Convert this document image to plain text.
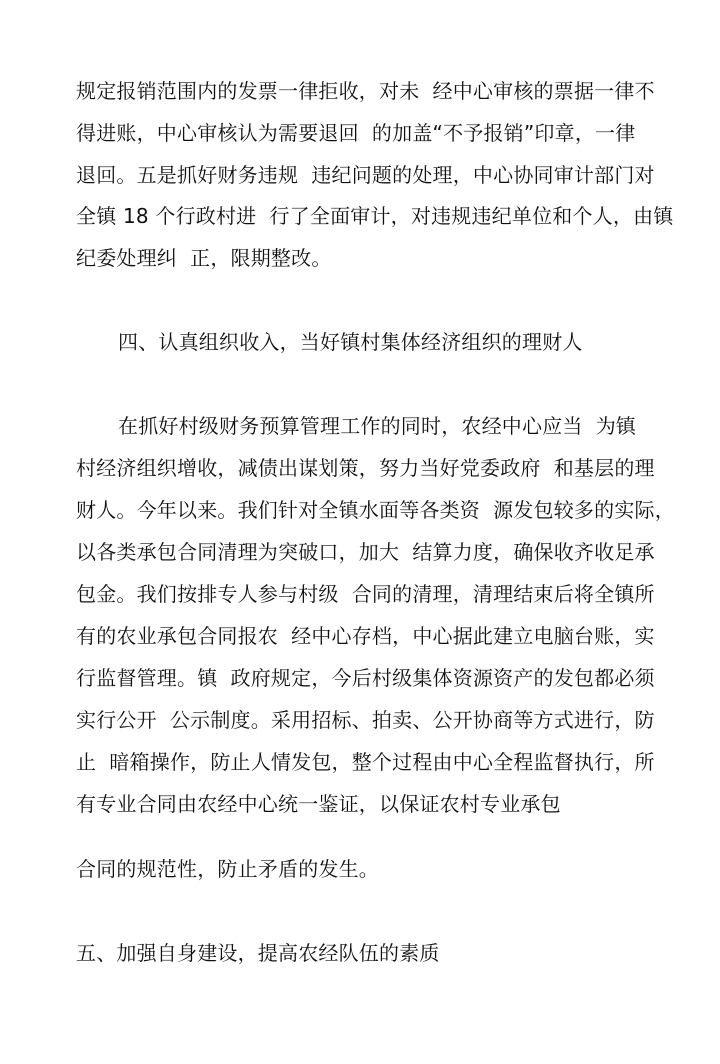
规定报销范围内的发票一律拒收，对未  经中心审核的票据一律不
得进账，中心审核认为需要退回  的加盖“不予报销”印章，一律
退回。五是抓好财务违规  违纪问题的处理，中心协同审计部门对
全镇 18 个行政村进  行了全面审计，对违规违纪单位和个人，由镇
纪委处理纠  正，限期整改。
四、认真组织收入，当好镇村集体经济组织的理财人
在抓好村级财务预算管理工作的同时，农经中心应当  为镇
村经济组织增收，减债出谋划策，努力当好党委政府  和基层的理
财人。今年以来。我们针对全镇水面等各类资  源发包较多的实际，
以各类承包合同清理为突破口，加大  结算力度，确保收齐收足承
包金。我们按排专人参与村级  合同的清理，清理结束后将全镇所
有的农业承包合同报农  经中心存档，中心据此建立电脑台账，实
行监督管理。镇  政府规定，今后村级集体资源资产的发包都必须
实行公开  公示制度。采用招标、拍卖、公开协商等方式进行，防
止  暗箱操作，防止人情发包，整个过程由中心全程监督执行，所
有专业合同由农经中心统一鉴证，以保证农村专业承包
合同的规范性，防止矛盾的发生。
五、加强自身建设，提高农经队伍的素质
